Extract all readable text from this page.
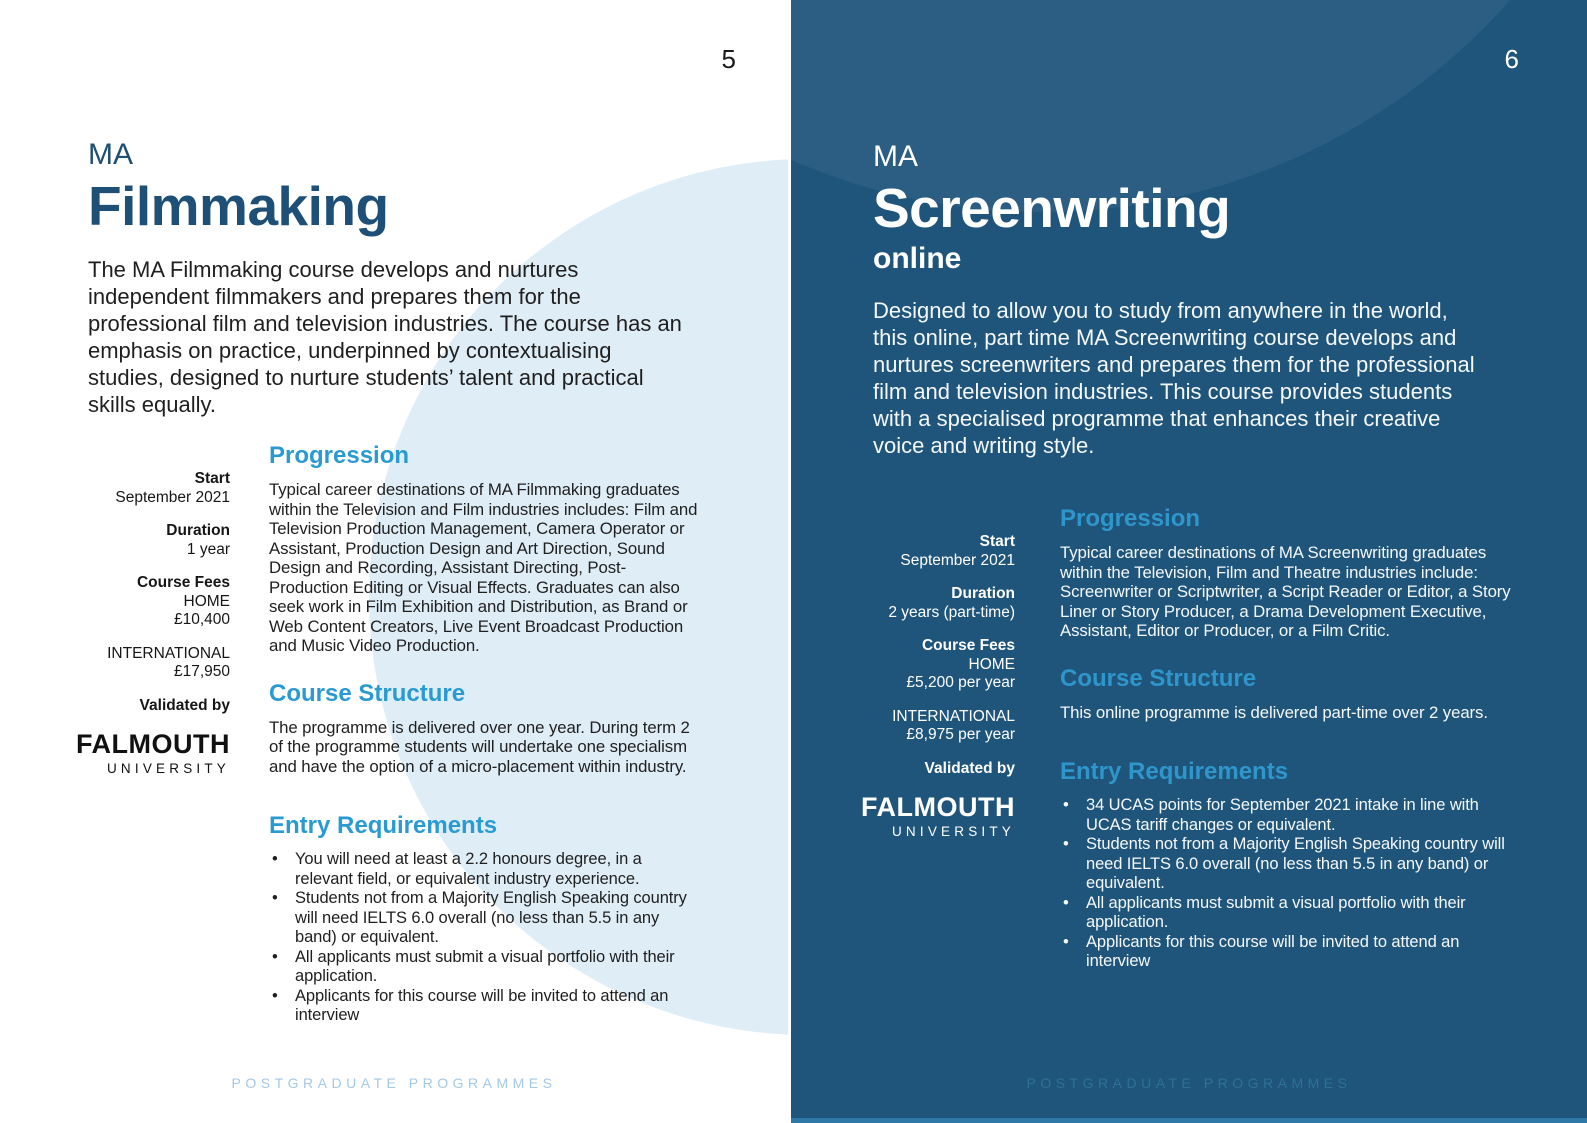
5
MA
Filmmaking
The MA Filmmaking course develops and nurtures independent filmmakers and prepares them for the professional film and television industries. The course has an emphasis on practice, underpinned by contextualising studies, designed to nurture students’ talent and practical skills equally.
Start
September 2021
Duration
1 year
Course Fees
HOME
£10,400
INTERNATIONAL
£17,950
Validated by
FALMOUTH
UNIVERSITY
Progression

Typical career destinations of MA Filmmaking graduates within the Television and Film industries includes: Film and Television Production Management, Camera Operator or Assistant, Production Design and Art Direction, Sound Design and Recording, Assistant Directing, Post-Production Editing or Visual Effects. Graduates can also seek work in Film Exhibition and Distribution, as Brand or Web Content Creators, Live Event Broadcast Production and Music Video Production.

Course Structure

The programme is delivered over one year. During term 2 of the programme students will undertake one specialism and have the option of a micro-placement within industry.

Entry Requirements
•	You will need at least a 2.2 honours degree, in a relevant field, or equivalent industry experience.
•	Students not from a Majority English Speaking country will need IELTS 6.0 overall (no less than 5.5 in any band) or equivalent.
•	All applicants must submit a visual portfolio with their application.
•	Applicants for this course will be invited to attend an interview
POSTGRADUATE PROGRAMMES
6
MA
Screenwriting
online
Designed to allow you to study from anywhere in the world, this online, part time MA Screenwriting course develops and nurtures screenwriters and prepares them for the professional film and television industries. This course provides students with a specialised programme that enhances their creative voice and writing style.
Start
September 2021
Duration
2 years (part-time)
Course Fees
HOME
£5,200 per year
INTERNATIONAL
£8,975 per year
Validated by
FALMOUTH
UNIVERSITY
Progression

Typical career destinations of MA Screenwriting graduates within the Television, Film and Theatre industries include: Screenwriter or Scriptwriter, a Script Reader or Editor, a Story Liner or Story Producer, a Drama Development Executive, Assistant, Editor or Producer, or a Film Critic.

Course Structure

This online programme is delivered part-time over 2 years.

Entry Requirements
•	34 UCAS points for September 2021 intake in line with UCAS tariff changes or equivalent.
•	Students not from a Majority English Speaking country will need IELTS 6.0 overall (no less than 5.5 in any band) or equivalent.
•	All applicants must submit a visual portfolio with their application.
•	Applicants for this course will be invited to attend an interview
POSTGRADUATE PROGRAMMES
